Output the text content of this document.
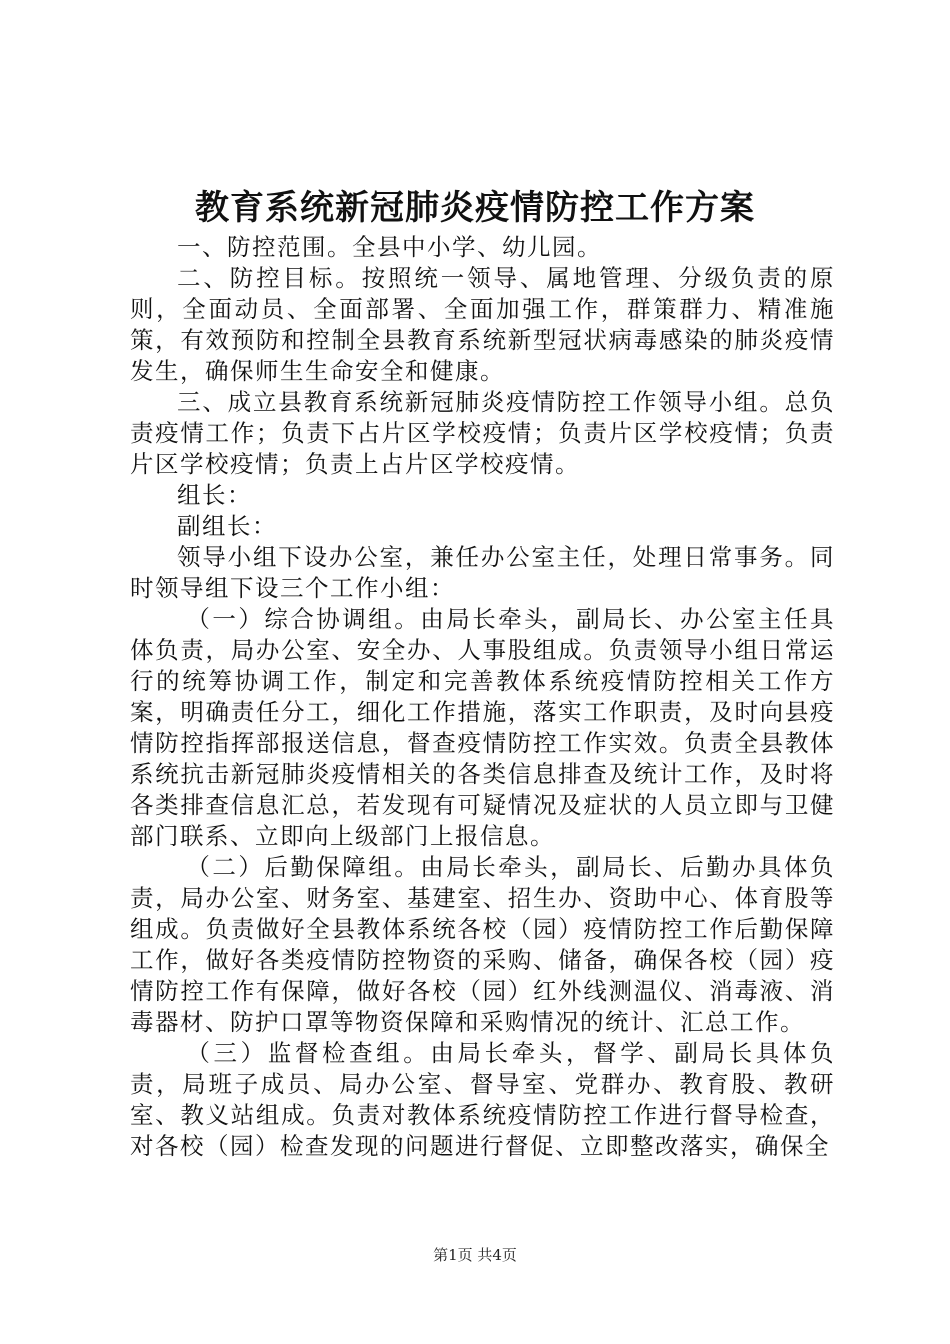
教育系统新冠肺炎疫情防控工作方案

一、防控范围。全县中小学、幼儿园。

二、防控目标。按照统一领导、属地管理、分级负责的原则，全面动员、全面部署、全面加强工作，群策群力、精准施策，有效预防和控制全县教育系统新型冠状病毒感染的肺炎疫情发生，确保师生生命安全和健康。

三、成立县教育系统新冠肺炎疫情防控工作领导小组。总负责疫情工作；负责下占片区学校疫情；负责片区学校疫情；负责片区学校疫情；负责上占片区学校疫情。

组长：

副组长：

领导小组下设办公室，兼任办公室主任，处理日常事务。同时领导组下设三个工作小组：

（一）综合协调组。由局长牵头，副局长、办公室主任具体负责，局办公室、安全办、人事股组成。负责领导小组日常运行的统筹协调工作，制定和完善教体系统疫情防控相关工作方案，明确责任分工，细化工作措施，落实工作职责，及时向县疫情防控指挥部报送信息，督查疫情防控工作实效。负责全县教体系统抗击新冠肺炎疫情相关的各类信息排查及统计工作，及时将各类排查信息汇总，若发现有可疑情况及症状的人员立即与卫健部门联系、立即向上级部门上报信息。

（二）后勤保障组。由局长牵头，副局长、后勤办具体负责，局办公室、财务室、基建室、招生办、资助中心、体育股等组成。负责做好全县教体系统各校（园）疫情防控工作后勤保障工作，做好各类疫情防控物资的采购、储备，确保各校（园）疫情防控工作有保障，做好各校（园）红外线测温仪、消毒液、消毒器材、防护口罩等物资保障和采购情况的统计、汇总工作。

（三）监督检查组。由局长牵头，督学、副局长具体负责，局班子成员、局办公室、督导室、党群办、教育股、教研室、教义站组成。负责对教体系统疫情防控工作进行督导检查，对各校（园）检查发现的问题进行督促、立即整改落实，确保全

第1页 共4页
